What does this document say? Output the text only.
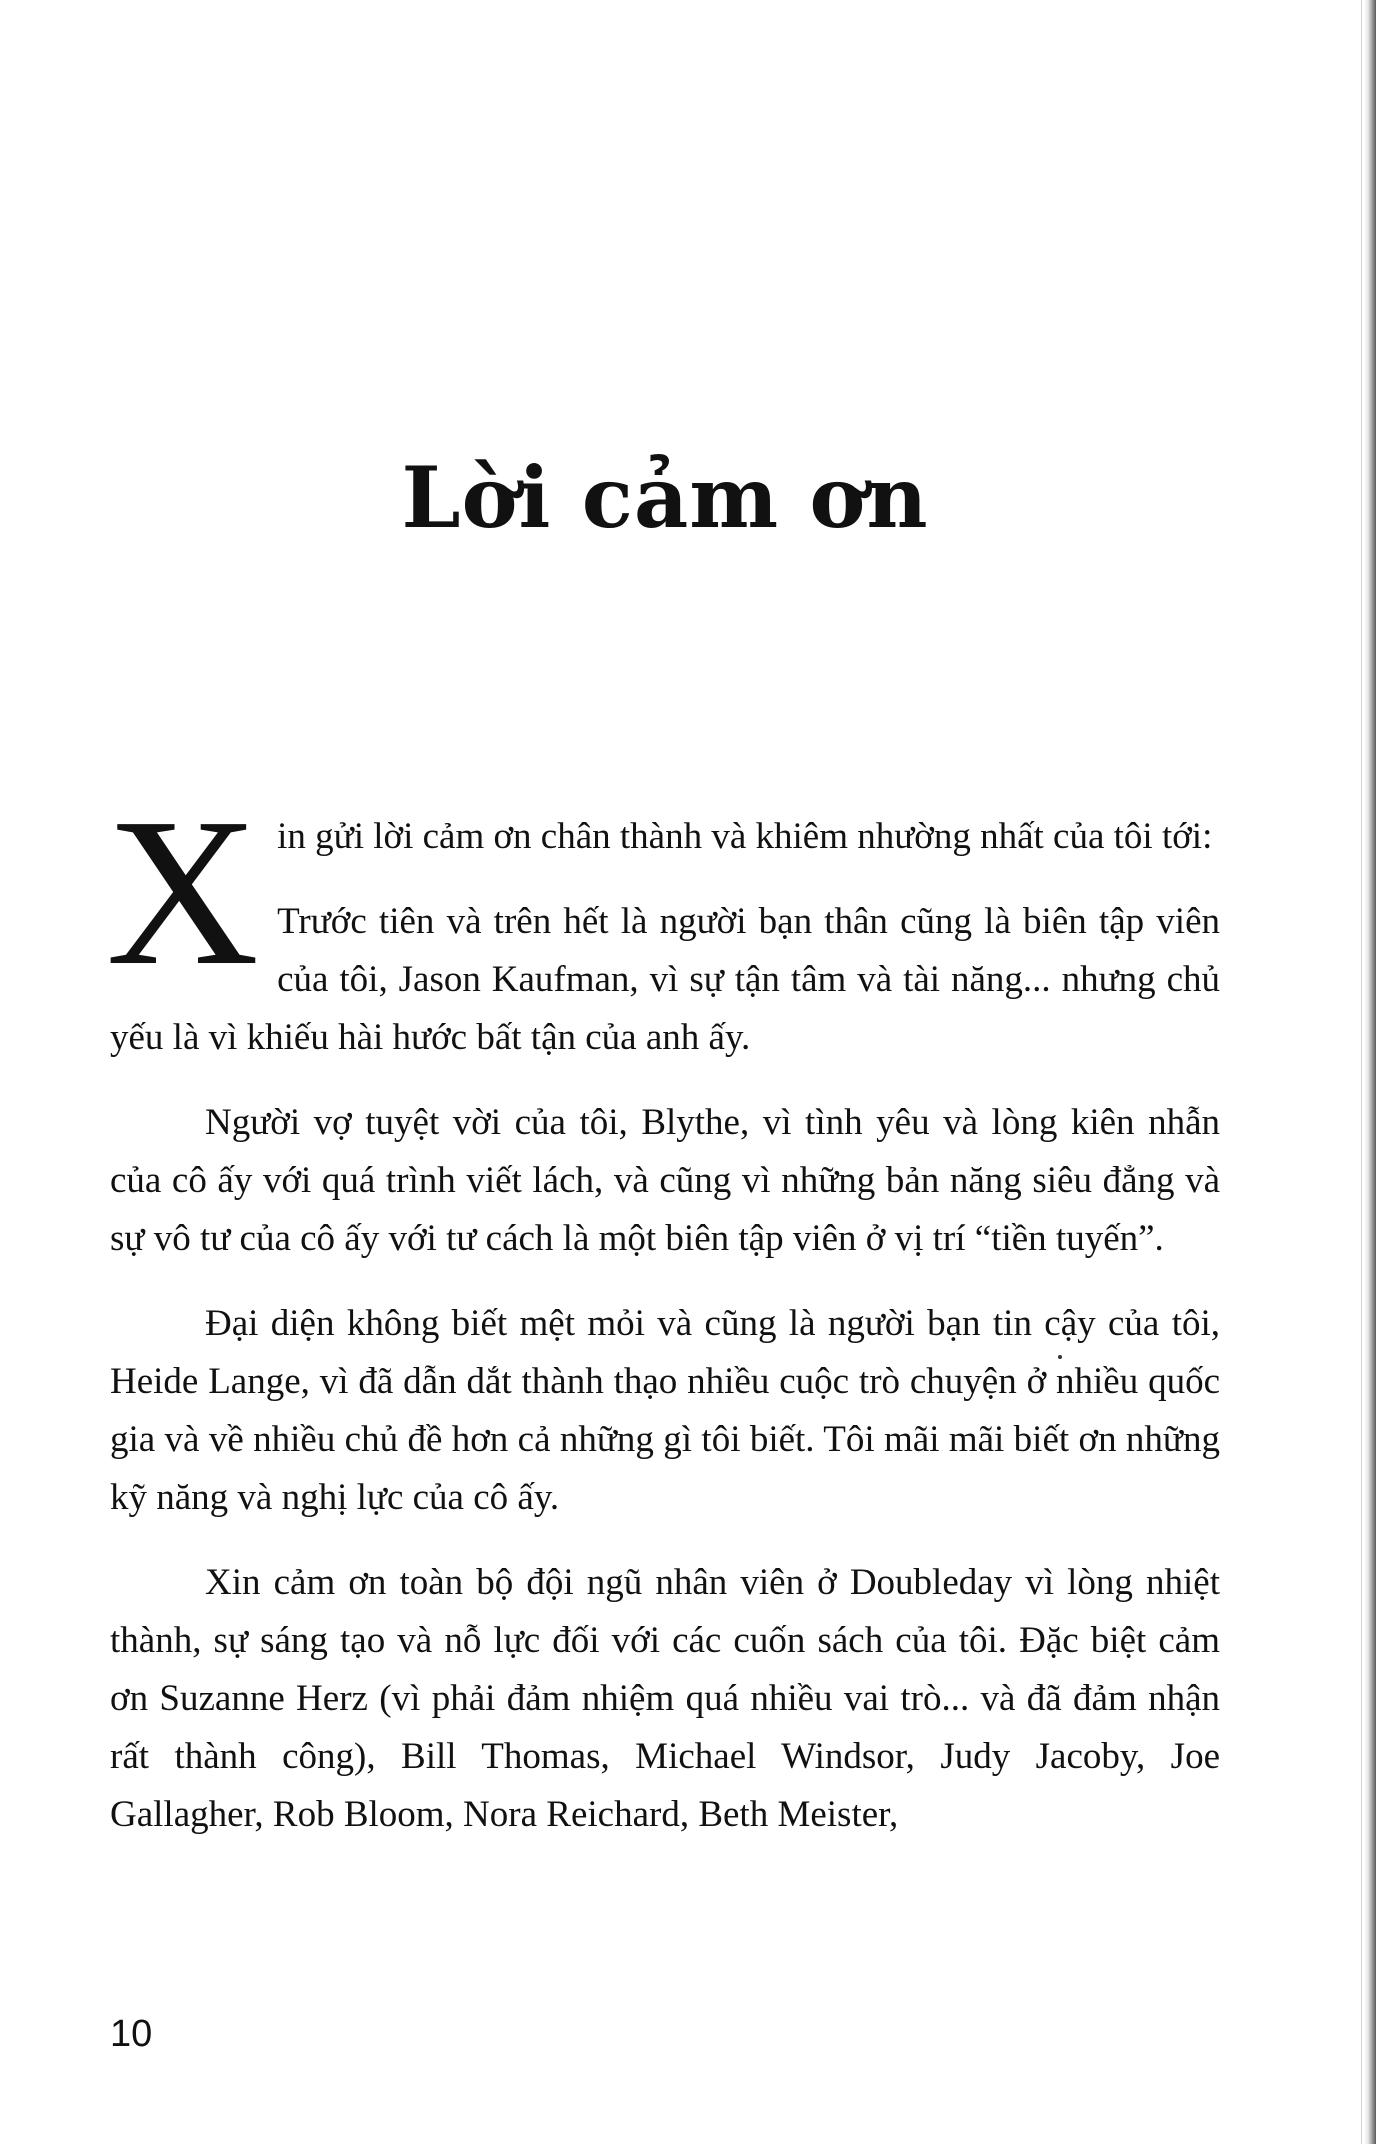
Lời cảm ơn

Xin gửi lời cảm ơn chân thành và khiêm nhường nhất của tôi tới:

Trước tiên và trên hết là người bạn thân cũng là biên tập viên của tôi, Jason Kaufman, vì sự tận tâm và tài năng... nhưng chủ yếu là vì khiếu hài hước bất tận của anh ấy.

Người vợ tuyệt vời của tôi, Blythe, vì tình yêu và lòng kiên nhẫn của cô ấy với quá trình viết lách, và cũng vì những bản năng siêu đẳng và sự vô tư của cô ấy với tư cách là một biên tập viên ở vị trí “tiền tuyến”.

Đại diện không biết mệt mỏi và cũng là người bạn tin cậy của tôi, Heide Lange, vì đã dẫn dắt thành thạo nhiều cuộc trò chuyện ở nhiều quốc gia và về nhiều chủ đề hơn cả những gì tôi biết. Tôi mãi mãi biết ơn những kỹ năng và nghị lực của cô ấy.

Xin cảm ơn toàn bộ đội ngũ nhân viên ở Doubleday vì lòng nhiệt thành, sự sáng tạo và nỗ lực đối với các cuốn sách của tôi. Đặc biệt cảm ơn Suzanne Herz (vì phải đảm nhiệm quá nhiều vai trò... và đã đảm nhận rất thành công), Bill Thomas, Michael Windsor, Judy Jacoby, Joe Gallagher, Rob Bloom, Nora Reichard, Beth Meister,

10
